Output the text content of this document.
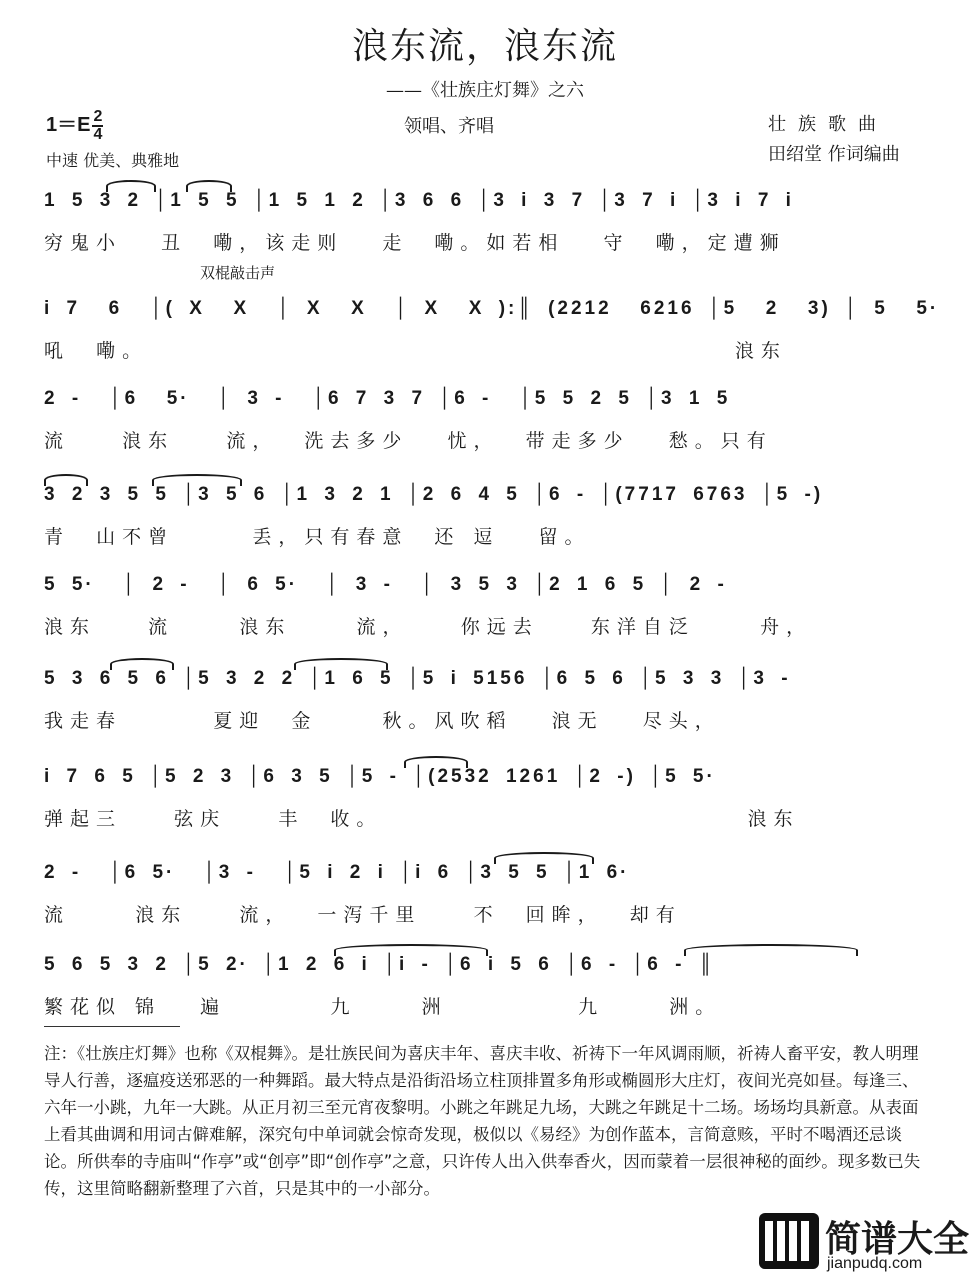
浪东流，浪东流
——《壮族庄灯舞》之六
$1=E \frac{2}{4}$
中速 优美、典雅地
领唱、齐唱	壮族歌曲
田绍堂 作词编曲
双棍敲击声
1 5 3 2 │1 5 5 │1 5 1 2 │3 6 6 │3 i 3 7 │3 7 i │3 i 7 i
穷鬼小   丑  嘞，该走则   走  嘞。如若相   守  嘞，定遭狮
i 7  6  │( X  X  │ X  X  │ X  X ):║ (2212  6216 │5  2  3) │ 5  5·
吼  嘞。                                             浪东
2 -  │6  5·  │ 3 -  │6 7 3 7 │6 -  │5 5 2 5 │3 1 5
流    浪东    流，  洗去多少   忧，  带走多少   愁。只有
3 2 3 5 5 │3 5 6 │1 3 2 1 │2 6 4 5 │6 - │(7717 6763 │5 -)
青  山不曾      丢，只有春意  还 逗   留。
5 5·  │ 2 -  │ 6 5·  │ 3 -  │ 3 5 3 │2 1 6 5 │ 2 -
浪东    流     浪东     流，    你远去    东洋自泛     舟，
5 3 6 5 6 │5 3 2 2 │1 6 5 │5 i 5156 │6 5 6 │5 3 3 │3 -
我走春       夏迎  金     秋。风吹稻   浪无   尽头，
i 7 6 5 │5 2 3 │6 3 5 │5 - │(2532 1261 │2 -) │5 5·
弹起三    弦庆    丰  收。                            浪东
2 -  │6 5·  │3 -  │5 i 2 i │i 6 │3 5 5 │1 6·
流     浪东    流，  一泻千里    不  回眸，  却有
5 6 5 3 2 │5 2· │1 2 6 i │i - │6 i 5 6 │6 - │6 - ║
繁花似 锦   遍        九     洲          九     洲。
注：《壮族庄灯舞》也称《双棍舞》。是壮族民间为喜庆丰年、喜庆丰收、祈祷下一年风调雨顺，祈祷人畜平安，教人明理导人行善，逐瘟疫送邪恶的一种舞蹈。最大特点是沿街沿场立柱顶排置多角形或椭圆形大庄灯，夜间光亮如昼。每逢三、六年一小跳，九年一大跳。从正月初三至元宵夜黎明。小跳之年跳足九场，大跳之年跳足十二场。场场均具新意。从表面上看其曲调和用词古僻难解，深究句中单词就会惊奇发现，极似以《易经》为创作蓝本，言简意赅，平时不喝酒还忌谈论。所供奉的寺庙叫“作亭”或“创亭”即“创作亭”之意，只许传人出入供奉香火，因而蒙着一层很神秘的面纱。现多数已失传，这里简略翻新整理了六首，只是其中的一小部分。
简谱大全
jianpudq.com
